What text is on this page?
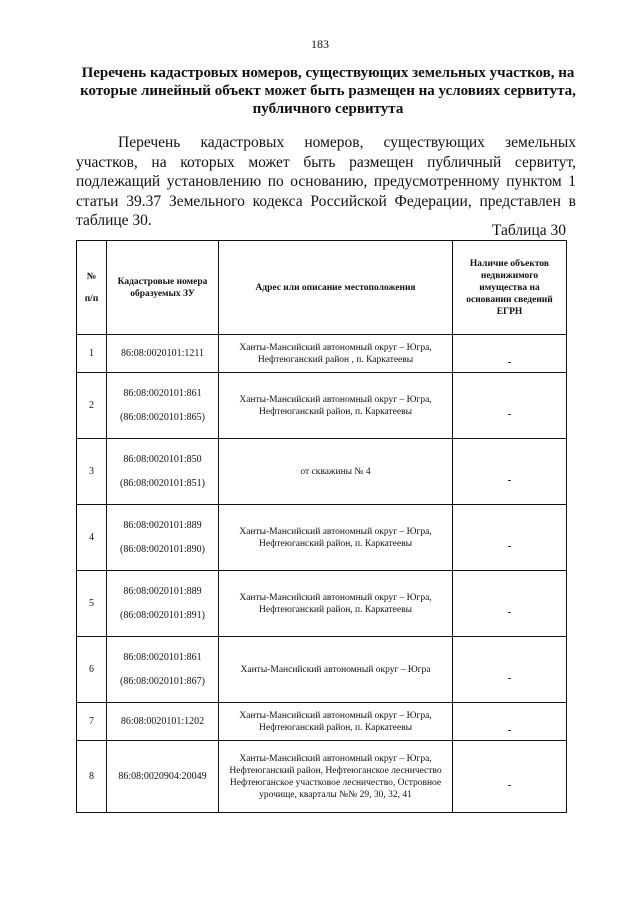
183
Перечень кадастровых номеров, существующих земельных участков, на которые линейный объект может быть размещен на условиях сервитута, публичного сервитута

Перечень кадастровых номеров, существующих земельных участков, на которых может быть размещен публичный сервитут, подлежащий установлению по основанию, предусмотренному пунктом 1 статьи 39.37 Земельного кодекса Российской Федерации, представлен в таблице 30.

Таблица 30
№
п/п	Кадастровые номера образуемых ЗУ	Адрес или описание местоположения	Наличие объектов недвижимого имущества на основании сведений ЕГРН
1	86:08:0020101:1211	Ханты-Мансийский автономный округ – Югра, Нефтеюганский район , п. Каркатеевы	-

2	86:08:0020101:861
(86:08:0020101:865)	Ханты-Мансийский автономный округ – Югра, Нефтеюганский район, п. Каркатеевы	-

3	86:08:0020101:850
(86:08:0020101:851)	от скважины № 4	-

4	86:08:0020101:889
(86:08:0020101:890)	Ханты-Мансийский автономный округ – Югра, Нефтеюганский район, п. Каркатеевы	-

5	86:08:0020101:889
(86:08:0020101:891)	Ханты-Мансийский автономный округ – Югра, Нефтеюганский район, п. Каркатеевы	-

6	86:08:0020101:861
(86:08:0020101:867)	Ханты-Мансийский автономный округ – Югра	-

7	86:08:0020101:1202	Ханты-Мансийский автономный округ – Югра, Нефтеюганский район, п. Каркатеевы	-

8	86:08:0020904:20049	Ханты-Мансийский автономный округ – Югра, Нефтеюганский район, Нефтеюганское лесничество Нефтеюганское участковое лесничество, Островное урочище, кварталы №№ 29, 30, 32, 41	-
